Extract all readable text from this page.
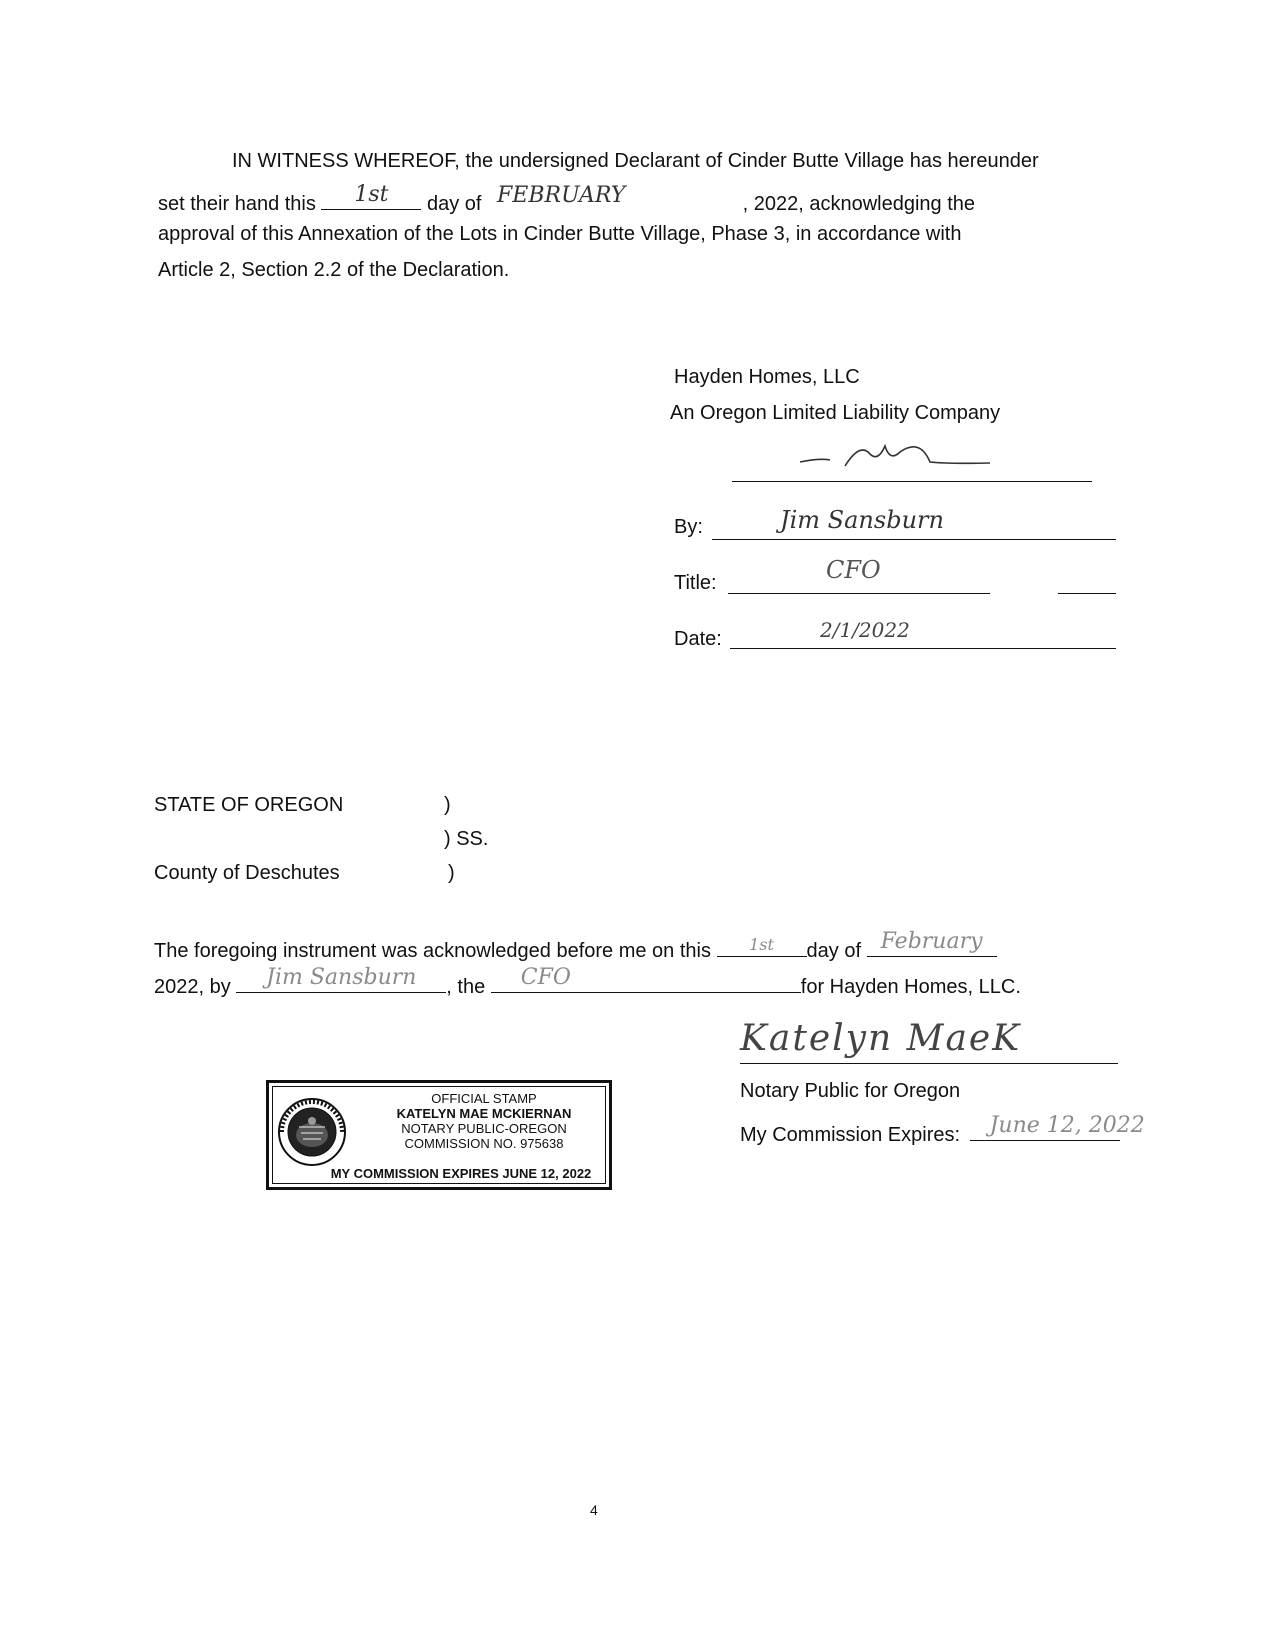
IN WITNESS WHEREOF, the undersigned Declarant of Cinder Butte Village has hereunder
set their hand this	1st	day of FEBRUARY	, 2022, acknowledging the
approval of this Annexation of the Lots in Cinder Butte Village, Phase 3, in accordance with
Article 2, Section 2.2 of the Declaration.
Hayden Homes, LLC
An Oregon Limited Liability Company
By:	Jim Sansburn
Title:	CFO
Date:	2/1/2022
STATE OF OREGON	)
) SS.
County of Deschutes	)
The foregoing instrument was acknowledged before me on this	1st	day of February
2022, by	Jim Sansburn	, the CFO	for Hayden Homes, LLC.
Katelyn MaeK
Notary Public for Oregon
My Commission Expires: June 12, 2022
OFFICIAL STAMP
KATELYN MAE MCKIERNAN
NOTARY PUBLIC-OREGON
COMMISSION NO. 975638
MY COMMISSION EXPIRES JUNE 12, 2022
4
